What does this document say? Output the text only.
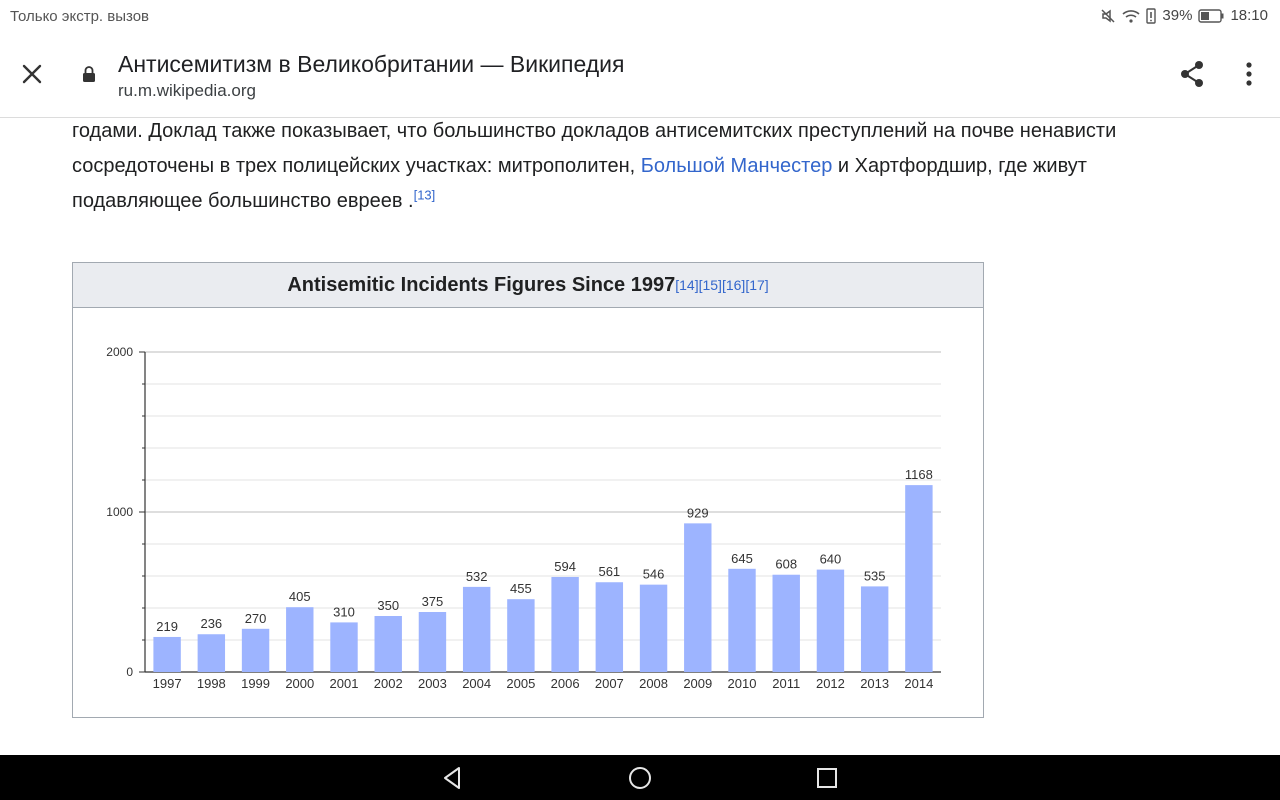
Только экстр. вызов	39%	18:10
Антисемитизм в Великобритании — Википедия
ru.m.wikipedia.org
годами. Доклад также показывает, что большинство докладов антисемитских преступлений на почве ненависти
сосредоточены в трех полицейских участках: митрополитен, Большой Манчестер и Хартфордшир, где живут
подавляющее большинство евреев .[13]
Antisemitic Incidents Figures Since 1997 [14][15][16][17]
0
1000
2000
219
1997
236
1998
270
1999
405
2000
310
2001
350
2002
375
2003
532
2004
455
2005
594
2006
561
2007
546
2008
929
2009
645
2010
608
2011
640
2012
535
2013
1168
2014
